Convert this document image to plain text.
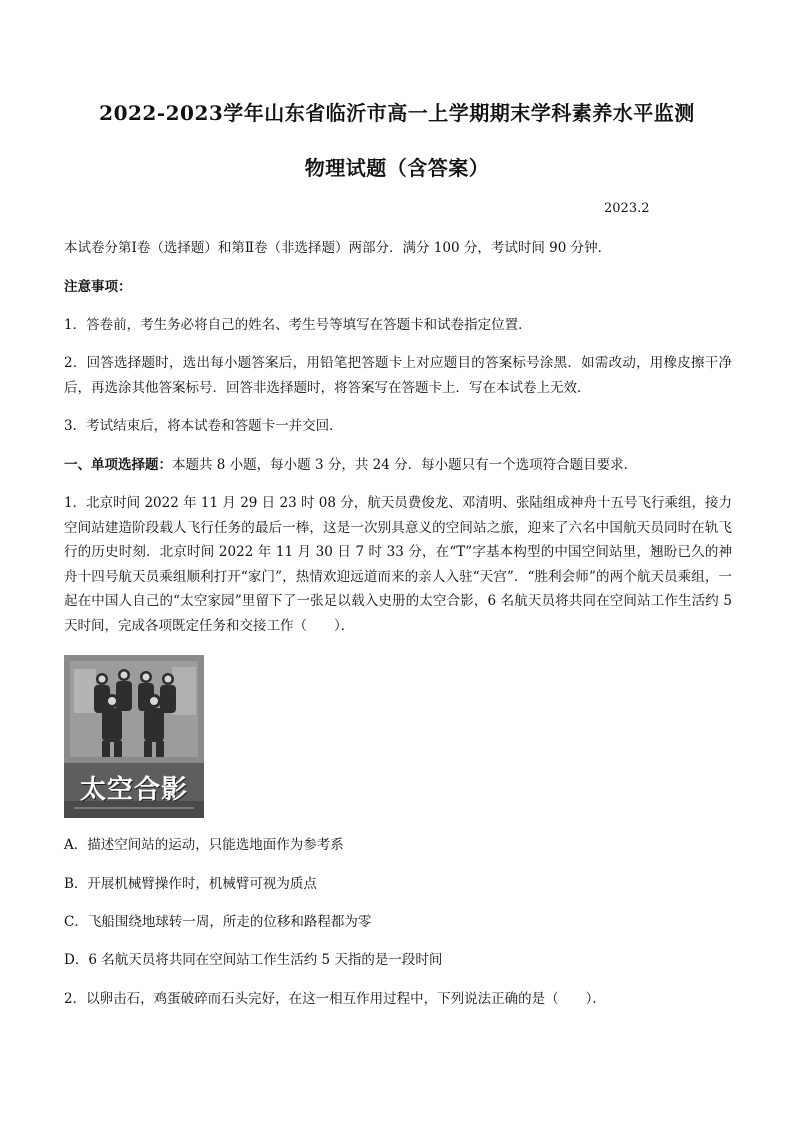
2022-2023学年山东省临沂市高一上学期期末学科素养水平监测
物理试题（含答案）
2023.2
本试卷分第Ⅰ卷（选择题）和第Ⅱ卷（非选择题）两部分．满分 100 分，考试时间 90 分钟．
注意事项：
1．答卷前，考生务必将自己的姓名、考生号等填写在答题卡和试卷指定位置．
2．回答选择题时，选出每小题答案后，用铅笔把答题卡上对应题目的答案标号涂黑．如需改动，用橡皮擦干净后，再选涂其他答案标号．回答非选择题时，将答案写在答题卡上．写在本试卷上无效．
3．考试结束后，将本试卷和答题卡一并交回．
一、单项选择题：本题共 8 小题，每小题 3 分，共 24 分．每小题只有一个选项符合题目要求．
1．北京时间 2022 年 11 月 29 日 23 时 08 分，航天员费俊龙、邓清明、张陆组成神舟十五号飞行乘组，接力空间站建造阶段载人飞行任务的最后一棒，这是一次别具意义的空间站之旅，迎来了六名中国航天员同时在轨飞行的历史时刻．北京时间 2022 年 11 月 30 日 7 时 33 分，在“T”字基本构型的中国空间站里，翘盼已久的神舟十四号航天员乘组顺利打开“家门”，热情欢迎远道而来的亲人入驻“天宫”．“胜利会师”的两个航天员乘组，一起在中国人自己的“太空家园”里留下了一张足以载入史册的太空合影，6 名航天员将共同在空间站工作生活约 5 天时间，完成各项既定任务和交接工作（　　）．
太空合影
A．描述空间站的运动，只能选地面作为参考系
B．开展机械臂操作时，机械臂可视为质点
C．飞船围绕地球转一周，所走的位移和路程都为零
D．6 名航天员将共同在空间站工作生活约 5 天指的是一段时间
2．以卵击石，鸡蛋破碎而石头完好，在这一相互作用过程中，下列说法正确的是（　　）．
